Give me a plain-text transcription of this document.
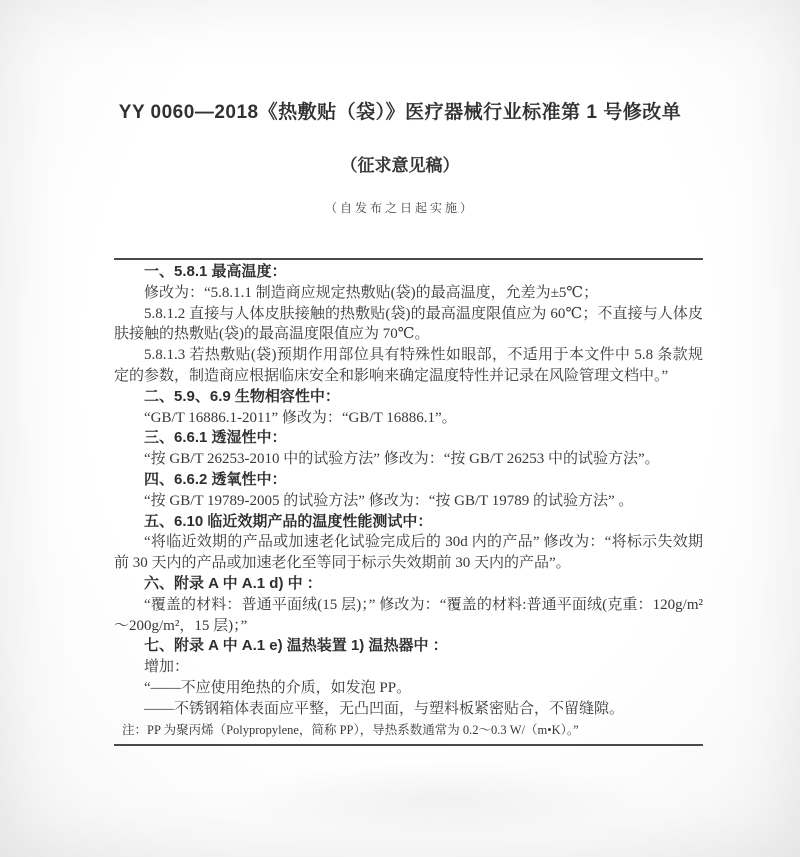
YY 0060—2018《热敷贴（袋）》医疗器械行业标准第 1 号修改单
（征求意见稿）
（自发布之日起实施）
一、5.8.1 最高温度：

修改为：“5.8.1.1 制造商应规定热敷贴(袋)的最高温度，允差为±5℃；

5.8.1.2 直接与人体皮肤接触的热敷贴(袋)的最高温度限值应为 60℃；不直接与人体皮肤接触的热敷贴(袋)的最高温度限值应为 70℃。

5.8.1.3 若热敷贴(袋)预期作用部位具有特殊性如眼部，不适用于本文件中 5.8 条款规定的参数，制造商应根据临床安全和影响来确定温度特性并记录在风险管理文档中。”

二、5.9、6.9 生物相容性中：

“GB/T 16886.1-2011” 修改为：“GB/T 16886.1”。

三、6.6.1 透湿性中：

“按 GB/T 26253-2010 中的试验方法” 修改为：“按 GB/T 26253 中的试验方法”。

四、6.6.2 透氧性中：

“按 GB/T 19789-2005 的试验方法” 修改为：“按 GB/T 19789 的试验方法” 。

五、6.10 临近效期产品的温度性能测试中：

“将临近效期的产品或加速老化试验完成后的 30d 内的产品” 修改为：“将标示失效期前 30 天内的产品或加速老化至等同于标示失效期前 30 天内的产品”。

六、附录 A 中 A.1 d) 中 ：

“覆盖的材料：普通平面绒(15 层)；” 修改为：“覆盖的材料:普通平面绒(克重：120g/m²～200g/m²，15 层)；”

七、附录 A 中 A.1 e) 温热装置 1) 温热器中 ：

增加：

“——不应使用绝热的介质，如发泡 PP。

——不锈钢箱体表面应平整，无凸凹面，与塑料板紧密贴合，不留缝隙。

注：PP 为聚丙烯（Polypropylene，简称 PP），导热系数通常为 0.2～0.3 W/（m•K）。”
